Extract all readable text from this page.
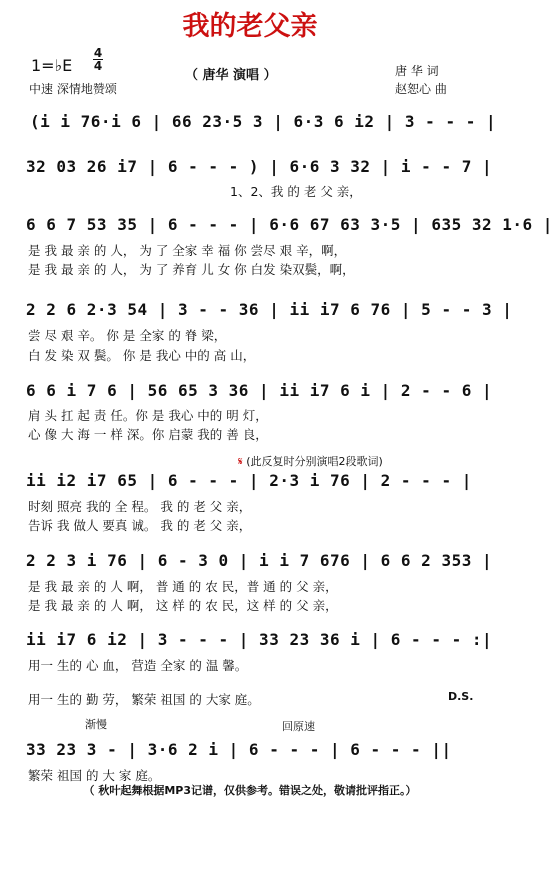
我的老父亲
（ 唐华 演唱 ）
1=♭E
4
4
中速 深情地赞颂
唐 华 词
赵恕心 曲
(i i 76·i 6 | 66 23·5 3 | 6·3 6 i2 | 3 - - - |
32 03 26 i7 | 6 - - - ) | 6·6 3 32 | i - - 7 |
1、2、我 的 老 父 亲，
6 6 7 53 35 | 6 - - - | 6·6 67 63 3·5 | 635 32 1·6 |
是 我 最 亲 的 人， 为 了 全家 幸 福 你 尝尽 艰 辛，啊，
是 我 最 亲 的 人， 为 了 养育 儿 女 你 白发 染双鬓，啊，
2 2 6 2·3 54 | 3 - - 36 | ii i7 6 76 | 5 - - 3 |
尝 尽 艰 辛。 你 是 全家 的 脊 梁，
白 发 染 双 鬓。 你 是 我心 中的 高 山，
6 6 i 7 6 | 56 65 3 36 | ii i7 6 i | 2 - - 6 |
肩 头 扛 起 责 任。你 是 我心 中的 明 灯，
心 像 大 海 一 样 深。你 启蒙 我的 善 良，
𝄋 (此反复时分别演唱2段歌词)
ii i2 i7 65 | 6 - - - | 2·3 i 76 | 2 - - - |
时刻 照亮 我的 全 程。 我 的 老 父 亲，
告诉 我 做人 要真 诚。 我 的 老 父 亲，
2 2 3 i 76 | 6 - 3 0 | i i 7 676 | 6 6 2 353 |
是 我 最 亲 的 人 啊， 普 通 的 农 民，普 通 的 父 亲，
是 我 最 亲 的 人 啊， 这 样 的 农 民，这 样 的 父 亲，
ii i7 6 i2 | 3 - - - | 33 23 36 i | 6 - - - :|
用一 生的 心 血， 营造 全家 的 温 馨。
用一 生的 勤 劳， 繁荣 祖国 的 大家 庭。	D.S.
渐慢	回原速
33 23 3 - | 3·6 2 i | 6 - - - | 6 - - - ||
繁荣 祖国 的 大 家 庭。
（ 秋叶起舞根据MP3记谱，仅供参考。错误之处，敬请批评指正。）
